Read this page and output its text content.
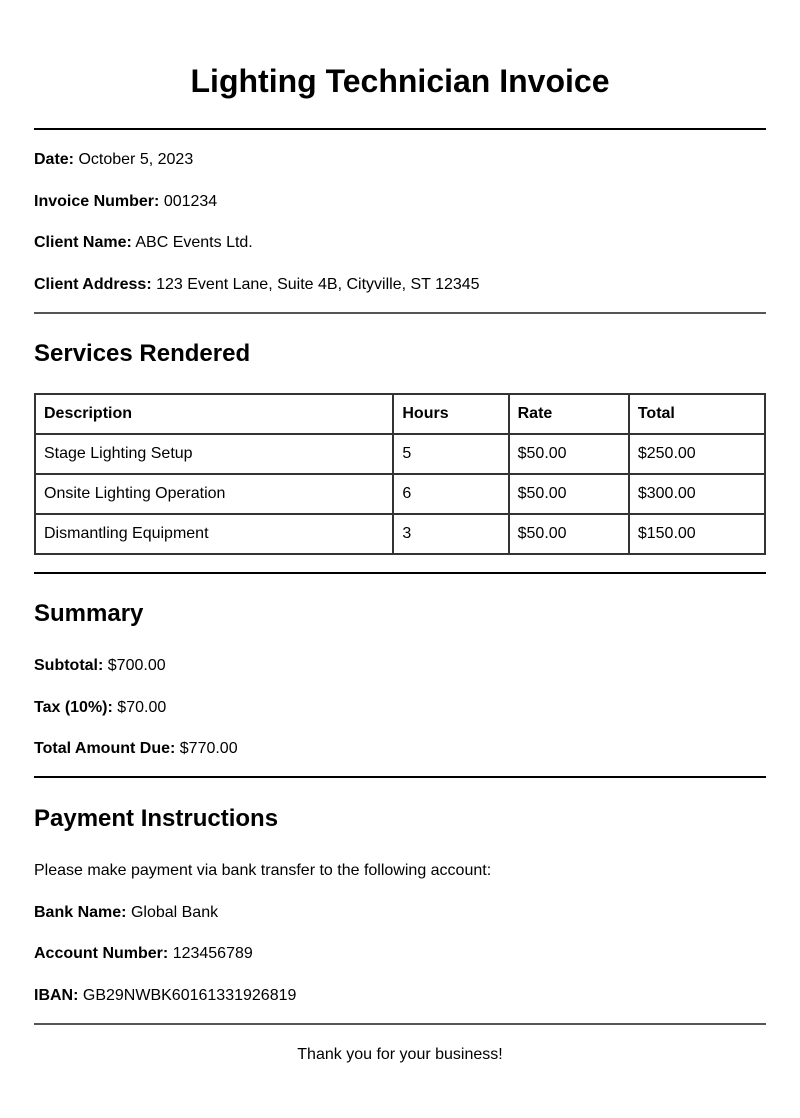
Lighting Technician Invoice
Date: October 5, 2023
Invoice Number: 001234
Client Name: ABC Events Ltd.
Client Address: 123 Event Lane, Suite 4B, Cityville, ST 12345
Services Rendered
Description	Hours	Rate	Total
Stage Lighting Setup	5	$50.00	$250.00
Onsite Lighting Operation	6	$50.00	$300.00
Dismantling Equipment	3	$50.00	$150.00
Summary
Subtotal: $700.00
Tax (10%): $70.00
Total Amount Due: $770.00
Payment Instructions
Please make payment via bank transfer to the following account:
Bank Name: Global Bank
Account Number: 123456789
IBAN: GB29NWBK60161331926819
Thank you for your business!
